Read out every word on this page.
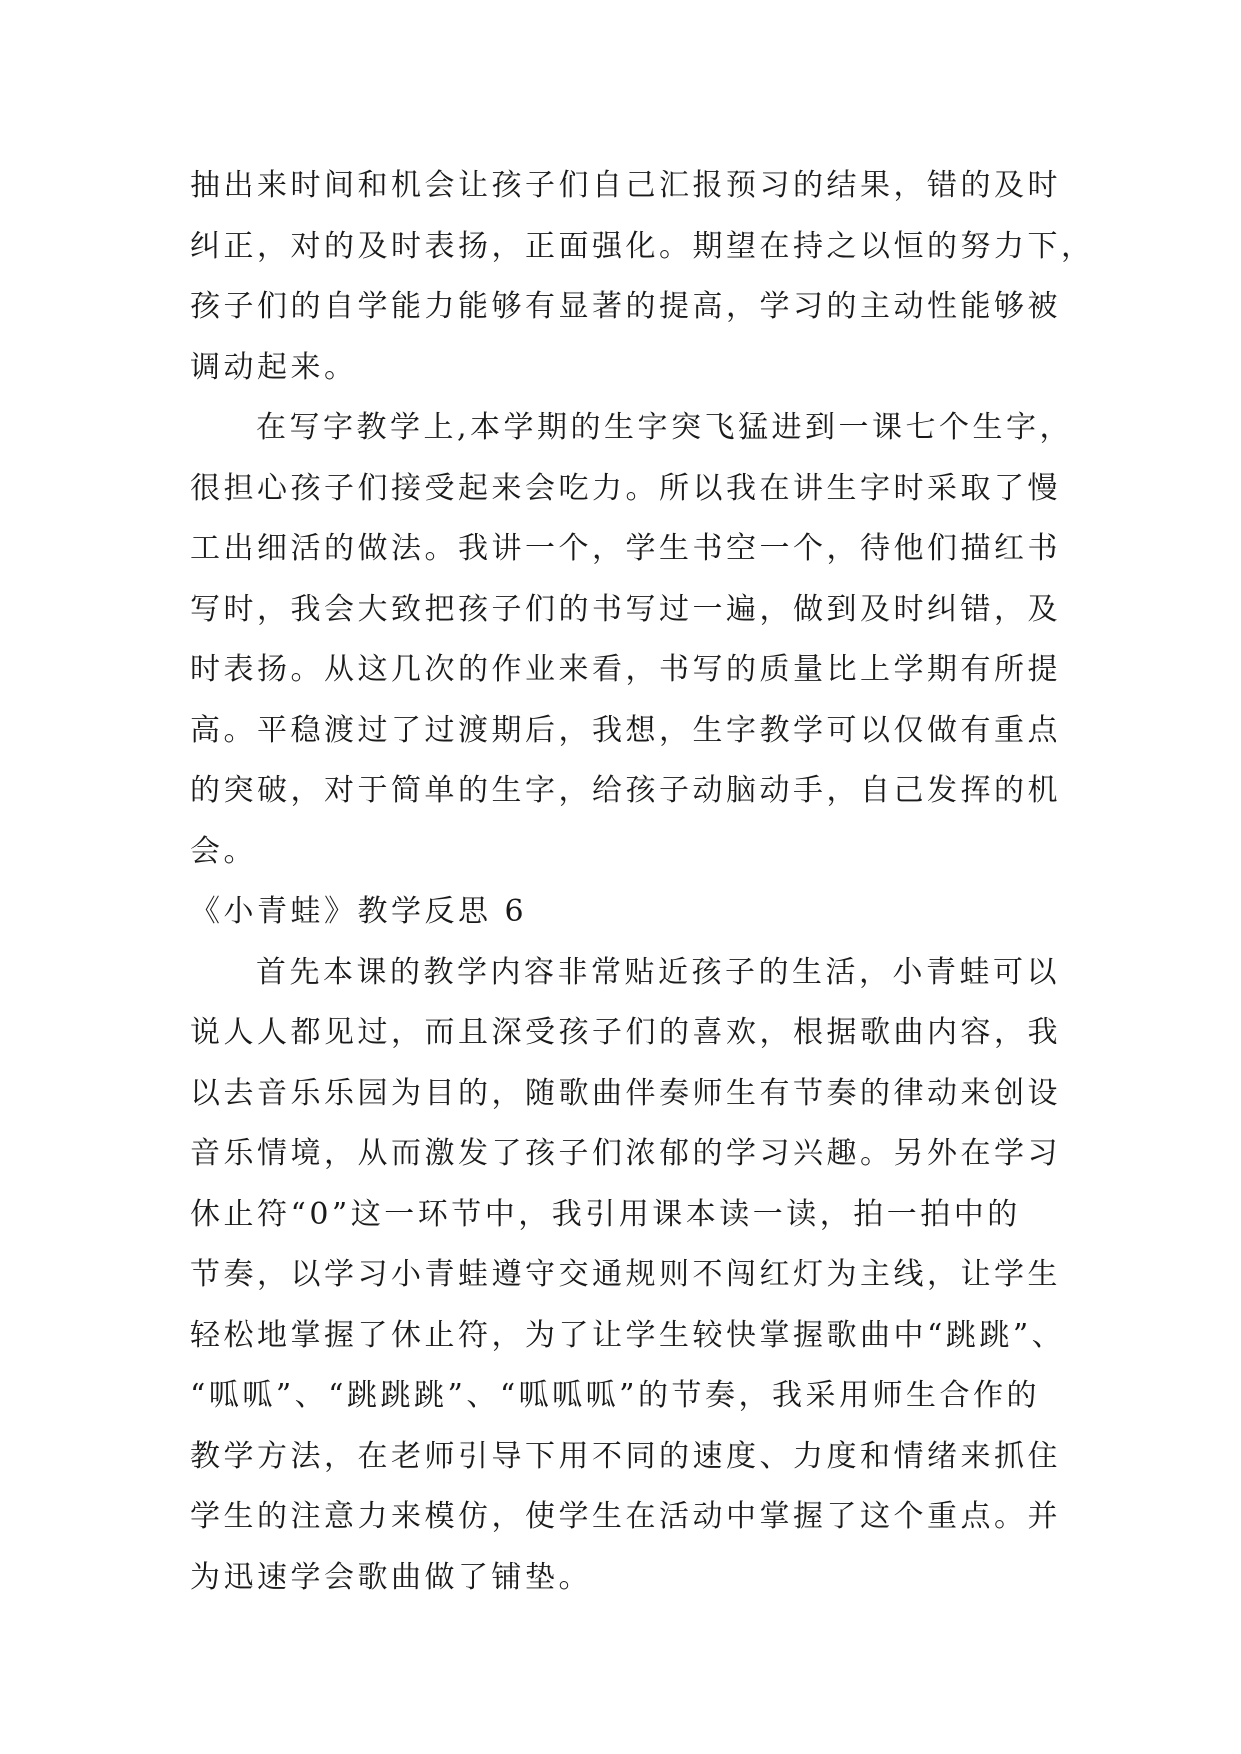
抽出来时间和机会让孩子们自己汇报预习的结果，错的及时
纠正，对的及时表扬，正面强化。期望在持之以恒的努力下，
孩子们的自学能力能够有显著的提高，学习的主动性能够被
调动起来。

在写字教学上,本学期的生字突飞猛进到一课七个生字，
很担心孩子们接受起来会吃力。所以我在讲生字时采取了慢
工出细活的做法。我讲一个，学生书空一个，待他们描红书
写时，我会大致把孩子们的书写过一遍，做到及时纠错，及
时表扬。从这几次的作业来看，书写的质量比上学期有所提
高。平稳渡过了过渡期后，我想，生字教学可以仅做有重点
的突破，对于简单的生字，给孩子动脑动手，自己发挥的机
会。

《小青蛙》教学反思 6

首先本课的教学内容非常贴近孩子的生活，小青蛙可以
说人人都见过，而且深受孩子们的喜欢，根据歌曲内容，我
以去音乐乐园为目的，随歌曲伴奏师生有节奏的律动来创设
音乐情境，从而激发了孩子们浓郁的学习兴趣。另外在学习
休止符“0”这一环节中，我引用课本读一读，拍一拍中的
节奏，以学习小青蛙遵守交通规则不闯红灯为主线，让学生
轻松地掌握了休止符，为了让学生较快掌握歌曲中“跳跳”、
“呱呱”、“跳跳跳”、“呱呱呱”的节奏，我采用师生合作的
教学方法，在老师引导下用不同的速度、力度和情绪来抓住
学生的注意力来模仿，使学生在活动中掌握了这个重点。并
为迅速学会歌曲做了铺垫。
